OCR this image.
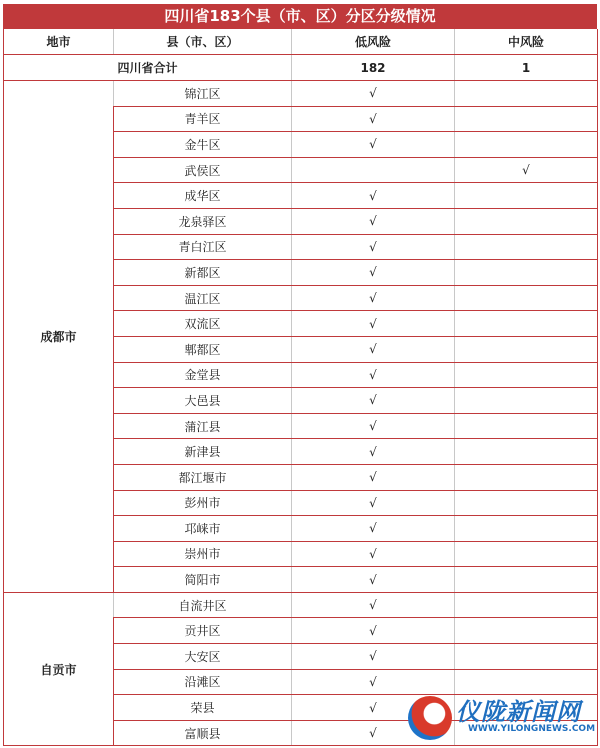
四川省183个县（市、区）分区分级情况
地市	县（市、区）	低风险	中风险
四川省合计		182	1
成都市	锦江区	√	
	青羊区	√	
	金牛区	√	
	武侯区		√
	成华区	√	
	龙泉驿区	√	
	青白江区	√	
	新都区	√	
	温江区	√	
	双流区	√	
	郫都区	√	
	金堂县	√	
	大邑县	√	
	蒲江县	√	
	新津县	√	
	都江堰市	√	
	彭州市	√	
	邛崃市	√	
	崇州市	√	
	简阳市	√	
自贡市	自流井区	√	
	贡井区	√	
	大安区	√	
	沿滩区	√	
	荣县	√	
	富顺县	√	
仪陇新闻网
WWW.YILONGNEWS.COM
